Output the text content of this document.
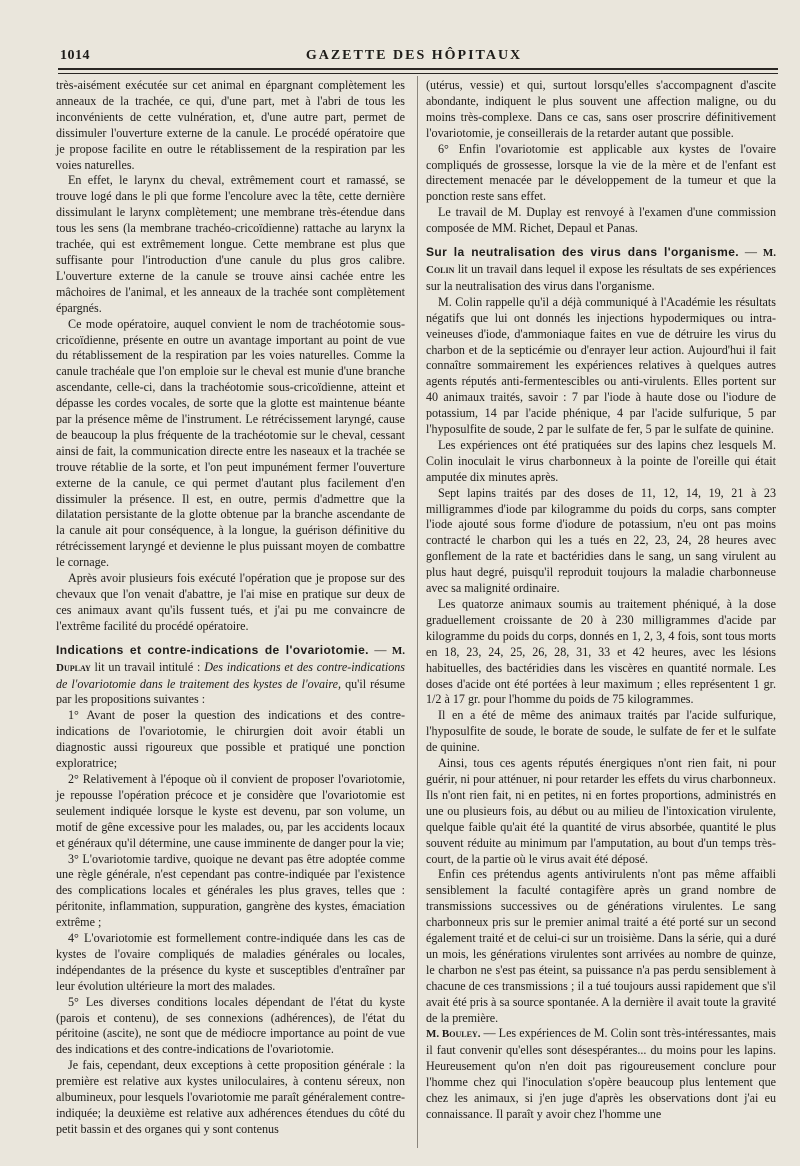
1014	GAZETTE DES HÔPITAUX

très-aisément exécutée sur cet animal en épargnant complètement les anneaux de la trachée, ce qui, d'une part, met à l'abri de tous les inconvénients de cette vulnération, et, d'une autre part, permet de dissimuler l'ouverture externe de la canule. Le procédé opératoire que je propose facilite en outre le rétablissement de la respiration par les voies naturelles.

En effet, le larynx du cheval, extrêmement court et ramassé, se trouve logé dans le pli que forme l'encolure avec la tête, cette dernière dissimulant le larynx complètement; une membrane très-étendue dans tous les sens (la membrane trachéo-cricoïdienne) rattache au larynx la trachée, qui est extrêmement longue. Cette membrane est plus que suffisante pour l'introduction d'une canule du plus gros calibre. L'ouverture externe de la canule se trouve ainsi cachée entre les mâchoires de l'animal, et les anneaux de la trachée sont complètement épargnés.

Ce mode opératoire, auquel convient le nom de trachéotomie sous-cricoïdienne, présente en outre un avantage important au point de vue du rétablissement de la respiration par les voies naturelles. Comme la canule trachéale que l'on emploie sur le cheval est munie d'une branche ascendante, celle-ci, dans la trachéotomie sous-cricoïdienne, atteint et dépasse les cordes vocales, de sorte que la glotte est maintenue béante par la présence même de l'instrument. Le rétrécissement laryngé, cause de beaucoup la plus fréquente de la trachéotomie sur le cheval, cessant ainsi de fait, la communication directe entre les naseaux et la trachée se trouve rétablie de la sorte, et l'on peut impunément fermer l'ouverture externe de la canule, ce qui permet d'autant plus facilement d'en dissimuler la présence. Il est, en outre, permis d'admettre que la dilatation persistante de la glotte obtenue par la branche ascendante de la canule ait pour conséquence, à la longue, la guérison définitive du rétrécissement laryngé et devienne le plus puissant moyen de combattre le cornage.

Après avoir plusieurs fois exécuté l'opération que je propose sur des chevaux que l'on venait d'abattre, je l'ai mise en pratique sur deux de ces animaux avant qu'ils fussent tués, et j'ai pu me convaincre de l'extrême facilité du procédé opératoire.

Indications et contre-indications de l'ovariotomie. — M. Duplay lit un travail intitulé : Des indications et des contre-indications de l'ovariotomie dans le traitement des kystes de l'ovaire, qu'il résume par les propositions suivantes :

1° Avant de poser la question des indications et des contre-indications de l'ovariotomie, le chirurgien doit avoir établi un diagnostic aussi rigoureux que possible et pratiqué une ponction exploratrice;

2° Relativement à l'époque où il convient de proposer l'ovariotomie, je repousse l'opération précoce et je considère que l'ovariotomie est seulement indiquée lorsque le kyste est devenu, par son volume, un motif de gêne excessive pour les malades, ou, par les accidents locaux et généraux qu'il détermine, une cause imminente de danger pour la vie;

3° L'ovariotomie tardive, quoique ne devant pas être adoptée comme une règle générale, n'est cependant pas contre-indiquée par l'existence des complications locales et générales les plus graves, telles que : péritonite, inflammation, suppuration, gangrène des kystes, émaciation extrême ;

4° L'ovariotomie est formellement contre-indiquée dans les cas de kystes de l'ovaire compliqués de maladies générales ou locales, indépendantes de la présence du kyste et susceptibles d'entraîner par leur évolution ultérieure la mort des malades.

5° Les diverses conditions locales dépendant de l'état du kyste (parois et contenu), de ses connexions (adhérences), de l'état du péritoine (ascite), ne sont que de médiocre importance au point de vue des indications et des contre-indications de l'ovariotomie.

Je fais, cependant, deux exceptions à cette proposition générale : la première est relative aux kystes uniloculaires, à contenu séreux, non albumineux, pour lesquels l'ovariotomie me paraît généralement contre-indiquée; la deuxième est relative aux adhérences étendues du côté du petit bassin et des organes qui y sont contenus

(utérus, vessie) et qui, surtout lorsqu'elles s'accompagnent d'ascite abondante, indiquent le plus souvent une affection maligne, ou du moins très-complexe. Dans ce cas, sans oser proscrire définitivement l'ovariotomie, je conseillerais de la retarder autant que possible.

6° Enfin l'ovariotomie est applicable aux kystes de l'ovaire compliqués de grossesse, lorsque la vie de la mère et de l'enfant est directement menacée par le développement de la tumeur et que la ponction reste sans effet.

Le travail de M. Duplay est renvoyé à l'examen d'une commission composée de MM. Richet, Depaul et Panas.

Sur la neutralisation des virus dans l'organisme. — M. Colin lit un travail dans lequel il expose les résultats de ses expériences sur la neutralisation des virus dans l'organisme.

M. Colin rappelle qu'il a déjà communiqué à l'Académie les résultats négatifs que lui ont donnés les injections hypodermiques ou intra-veineuses d'iode, d'ammoniaque faites en vue de détruire les virus du charbon et de la septicémie ou d'enrayer leur action. Aujourd'hui il fait connaître sommairement les expériences relatives à quelques autres agents réputés anti-fermentescibles ou anti-virulents. Elles portent sur 40 animaux traités, savoir : 7 par l'iode à haute dose ou l'iodure de potassium, 14 par l'acide phénique, 4 par l'acide sulfurique, 5 par l'hyposulfite de soude, 2 par le sulfate de fer, 5 par le sulfate de quinine.

Les expériences ont été pratiquées sur des lapins chez lesquels M. Colin inoculait le virus charbonneux à la pointe de l'oreille qui était amputée dix minutes après.

Sept lapins traités par des doses de 11, 12, 14, 19, 21 à 23 milligrammes d'iode par kilogramme du poids du corps, sans compter l'iode ajouté sous forme d'iodure de potassium, n'eu ont pas moins contracté le charbon qui les a tués en 22, 23, 24, 28 heures avec gonflement de la rate et bactéridies dans le sang, un sang virulent au plus haut degré, puisqu'il reproduit toujours la maladie charbonneuse avec sa malignité ordinaire.

Les quatorze animaux soumis au traitement phéniqué, à la dose graduellement croissante de 20 à 230 milligrammes d'acide par kilogramme du poids du corps, donnés en 1, 2, 3, 4 fois, sont tous morts en 18, 23, 24, 25, 26, 28, 31, 33 et 42 heures, avec les lésions habituelles, des bactéridies dans les viscères en quantité normale. Les doses d'acide ont été portées à leur maximum ; elles représentent 1 gr. 1/2 à 17 gr. pour l'homme du poids de 75 kilogrammes.

Il en a été de même des animaux traités par l'acide sulfurique, l'hyposulfite de soude, le borate de soude, le sulfate de fer et le sulfate de quinine.

Ainsi, tous ces agents réputés énergiques n'ont rien fait, ni pour guérir, ni pour atténuer, ni pour retarder les effets du virus charbonneux. Ils n'ont rien fait, ni en petites, ni en fortes proportions, administrés en une ou plusieurs fois, au début ou au milieu de l'intoxication virulente, quelque faible qu'ait été la quantité de virus absorbée, quantité le plus souvent réduite au minimum par l'amputation, au bout d'un temps très-court, de la partie où le virus avait été déposé.

Enfin ces prétendus agents antivirulents n'ont pas même affaibli sensiblement la faculté contagifère après un grand nombre de transmissions successives ou de générations virulentes. Le sang charbonneux pris sur le premier animal traité a été porté sur un second également traité et de celui-ci sur un troisième. Dans la série, qui a duré un mois, les générations virulentes sont arrivées au nombre de quinze, le charbon ne s'est pas éteint, sa puissance n'a pas perdu sensiblement à chacune de ces transmissions ; il a tué toujours aussi rapidement que s'il avait été pris à sa source spontanée. A la dernière il avait toute la gravité de la première.

M. Bouley. — Les expériences de M. Colin sont très-intéressantes, mais il faut convenir qu'elles sont désespérantes... du moins pour les lapins. Heureusement qu'on n'en doit pas rigoureusement conclure pour l'homme chez qui l'inoculation s'opère beaucoup plus lentement que chez les animaux, si j'en juge d'après les observations dont j'ai eu connaissance. Il paraît y avoir chez l'homme une
